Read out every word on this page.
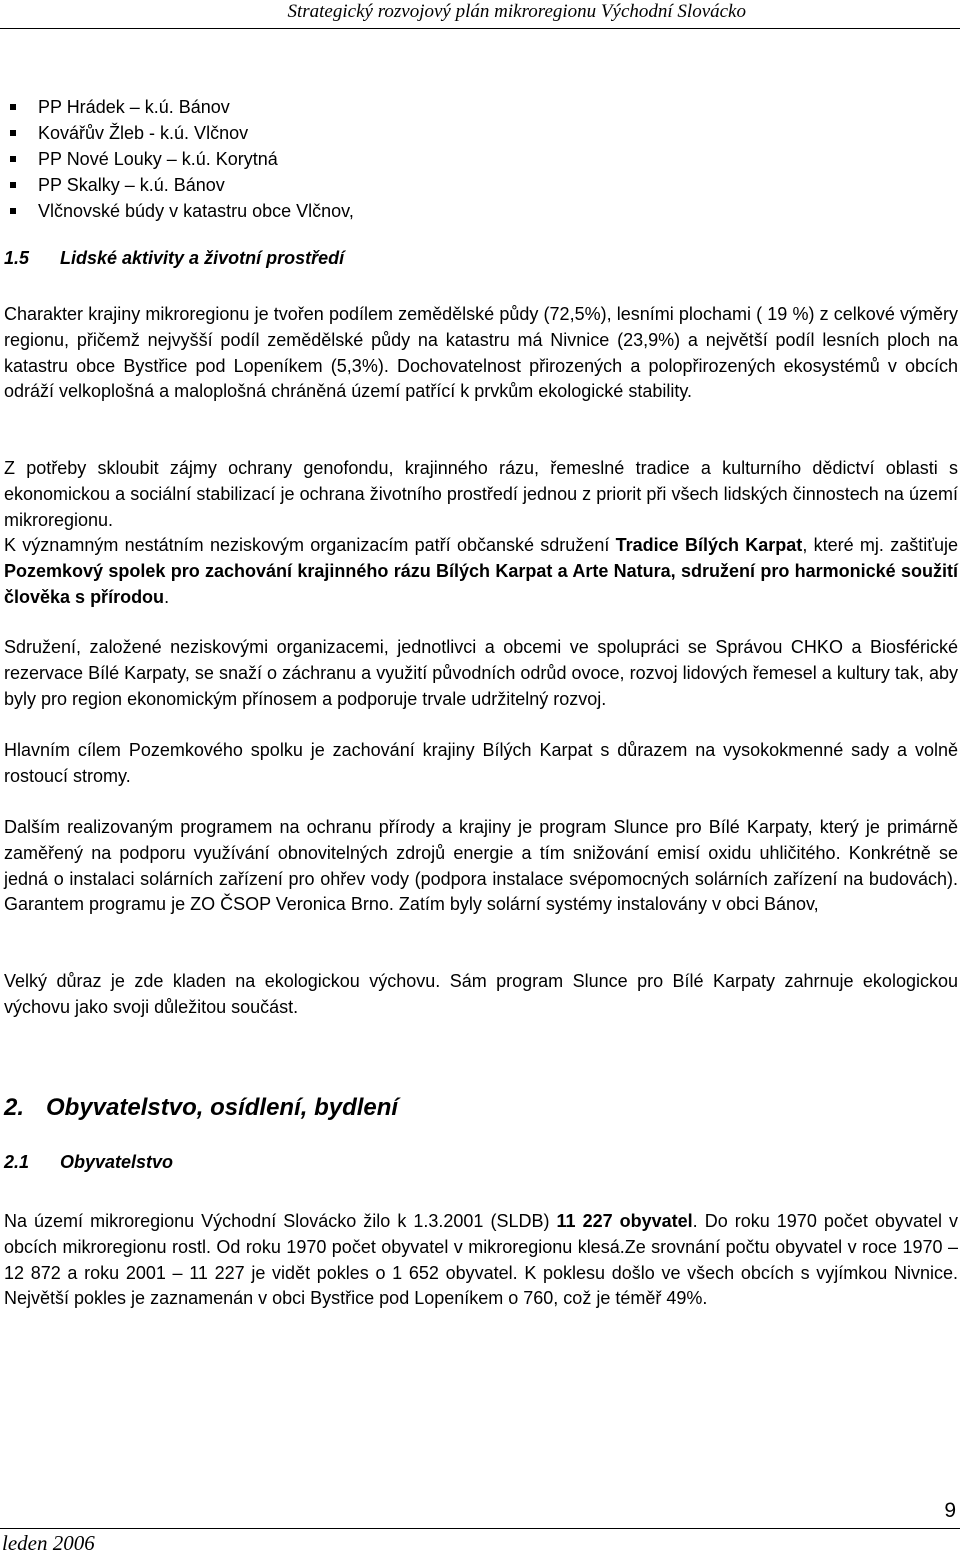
Strategický rozvojový plán mikroregionu Východní Slovácko
PP Hrádek – k.ú. Bánov
Kovářův Žleb - k.ú. Vlčnov
PP Nové Louky – k.ú. Korytná
PP Skalky – k.ú. Bánov
Vlčnovské búdy v katastru obce Vlčnov,
1.5 Lidské aktivity a životní prostředí

Charakter krajiny mikroregionu je tvořen podílem zemědělské půdy (72,5%), lesními plochami ( 19 %) z celkové výměry regionu, přičemž nejvyšší podíl zemědělské půdy na katastru má Nivnice (23,9%) a největší podíl lesních ploch na katastru obce Bystřice pod Lopeníkem (5,3%). Dochovatelnost přirozených a polopřirozených ekosystémů v obcích odráží velkoplošná a maloplošná chráněná území patřící k prvkům ekologické stability.

Z potřeby skloubit zájmy ochrany genofondu, krajinného rázu, řemeslné tradice a kulturního dědictví oblasti s ekonomickou a sociální stabilizací je ochrana životního prostředí jednou z priorit při všech lidských činnostech na území mikroregionu.

K významným nestátním neziskovým organizacím patří občanské sdružení Tradice Bílých Karpat, které mj. zaštiťuje Pozemkový spolek pro zachování krajinného rázu Bílých Karpat a Arte Natura, sdružení pro harmonické soužití člověka s přírodou.

Sdružení, založené neziskovými organizacemi, jednotlivci a obcemi ve spolupráci se Správou CHKO a Biosférické rezervace Bílé Karpaty, se snaží o záchranu a využití původních odrůd ovoce, rozvoj lidových řemesel a kultury tak, aby byly pro region ekonomickým přínosem a podporuje trvale udržitelný rozvoj.

Hlavním cílem Pozemkového spolku je zachování krajiny Bílých Karpat s důrazem na vysokokmenné sady a volně rostoucí stromy.

Dalším realizovaným programem na ochranu přírody a krajiny je program Slunce pro Bílé Karpaty, který je primárně zaměřený na podporu využívání obnovitelných zdrojů energie a tím snižování emisí oxidu uhličitého. Konkrétně se jedná o instalaci solárních zařízení pro ohřev vody (podpora instalace svépomocných solárních zařízení na budovách). Garantem programu je ZO ČSOP Veronica Brno. Zatím byly solární systémy instalovány v obci Bánov,

Velký důraz je zde kladen na ekologickou výchovu. Sám program Slunce pro Bílé Karpaty zahrnuje ekologickou výchovu jako svoji důležitou součást.

2. Obyvatelstvo, osídlení, bydlení
2.1 Obyvatelstvo

Na území mikroregionu Východní Slovácko žilo k 1.3.2001 (SLDB) 11 227 obyvatel. Do roku 1970 počet obyvatel v obcích mikroregionu rostl. Od roku 1970 počet obyvatel v mikroregionu klesá.Ze srovnání počtu obyvatel v roce 1970 – 12 872 a roku 2001 – 11 227 je vidět pokles o 1 652 obyvatel. K poklesu došlo ve všech obcích s vyjímkou Nivnice. Největší pokles je zaznamenán v obci Bystřice pod Lopeníkem o 760, což je téměř 49%.

leden 2006
9
